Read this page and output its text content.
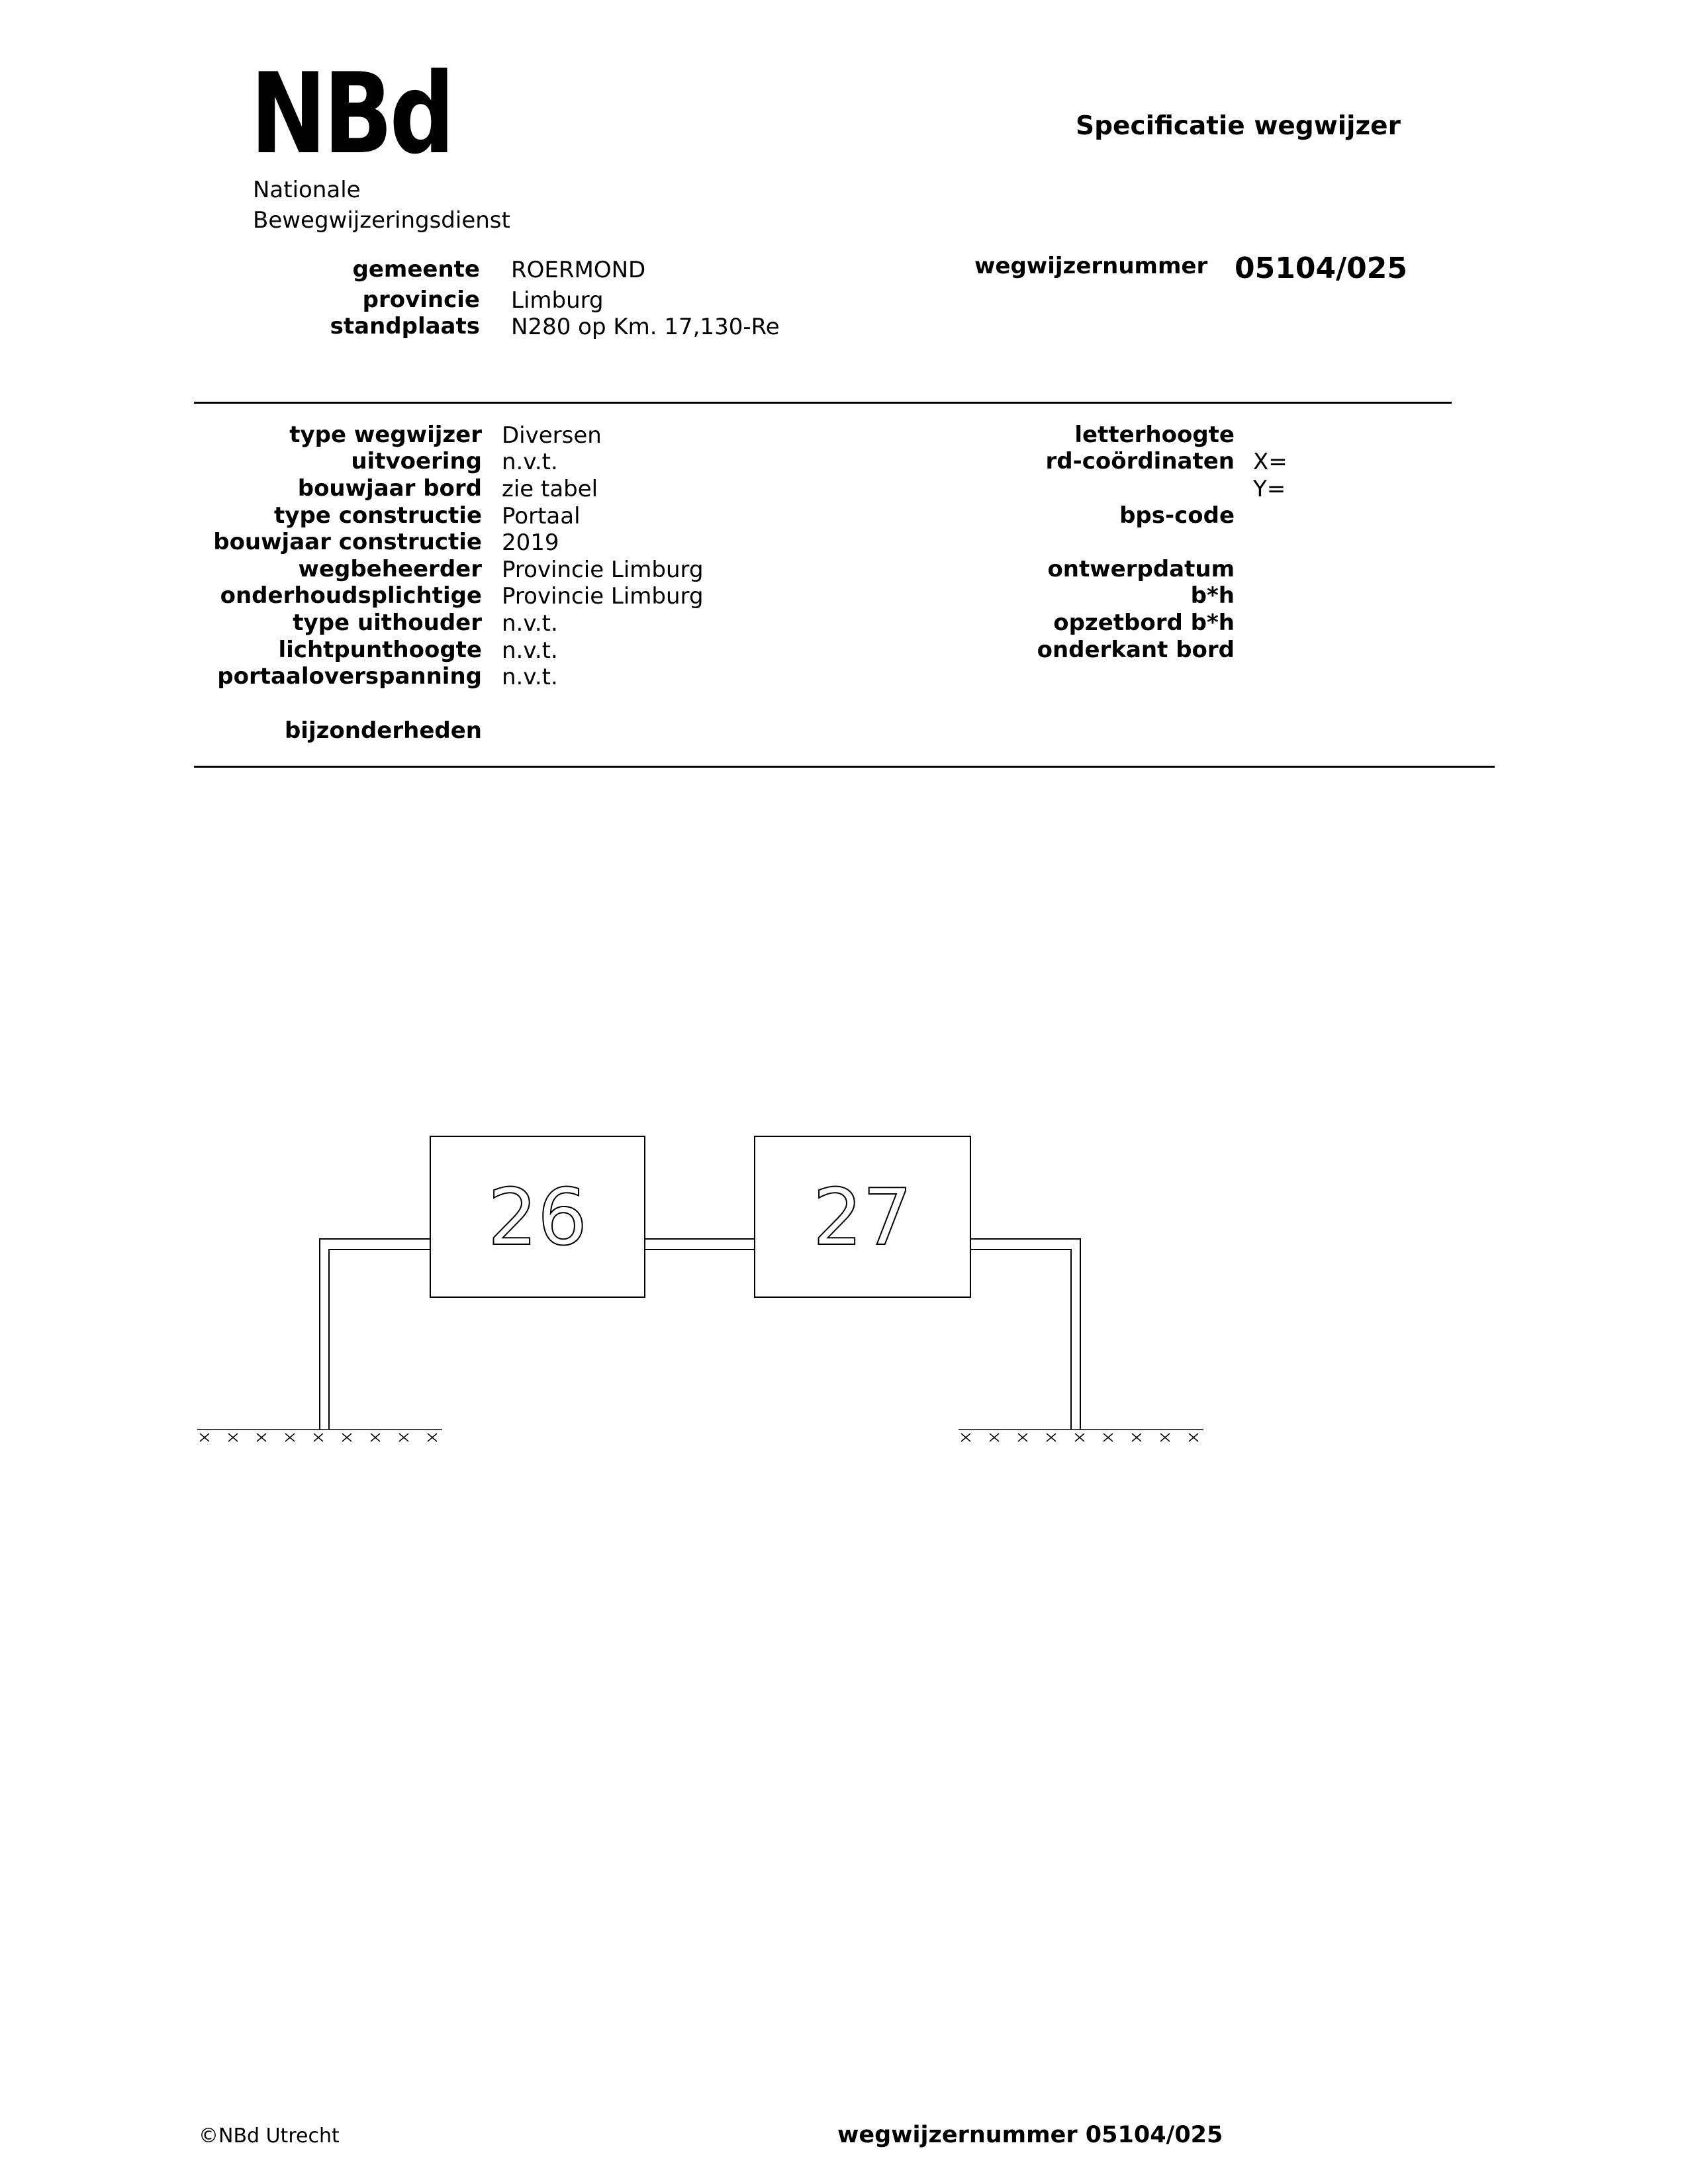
NBd
Nationale
Bewegwijzeringsdienst
Specificatie wegwijzer
gemeente ROERMOND
provincie Limburg
standplaats N280 op Km. 17,130-Re
wegwijzernummer 05104/025
type wegwijzer Diversen
uitvoering n.v.t.
bouwjaar bord zie tabel
type constructie Portaal
bouwjaar constructie 2019
wegbeheerder Provincie Limburg
onderhoudsplichtige Provincie Limburg
type uithouder n.v.t.
lichtpunthoogte n.v.t.
portaaloverspanning n.v.t.
bijzonderheden
letterhoogte
rd-coördinaten X=
Y=
bps-code
ontwerpdatum
b*h
opzetbord b*h
onderkant bord
26	27
©NBd Utrecht	wegwijzernummer 05104/025
